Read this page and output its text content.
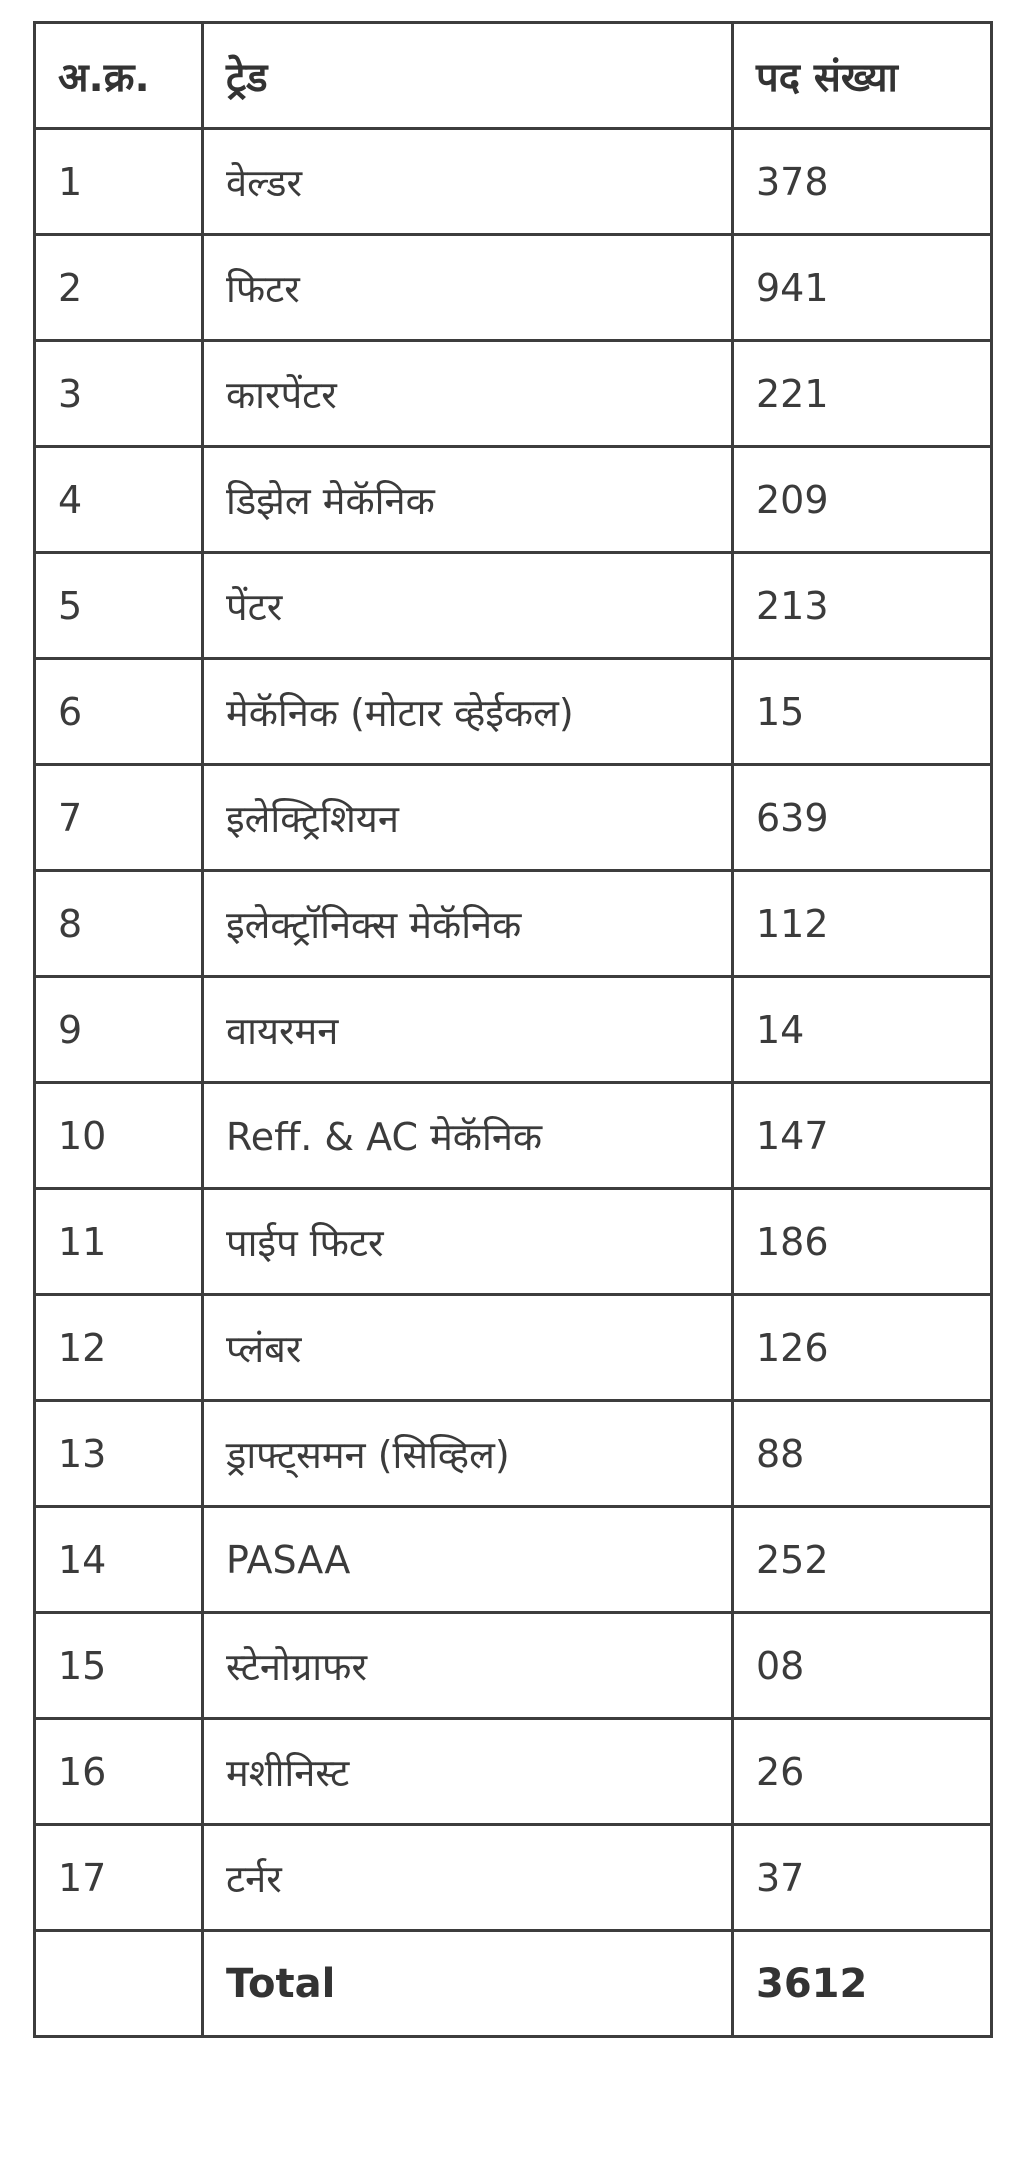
अ.क्र.	ट्रेड	पद संख्या
1	वेल्डर	378
2	फिटर	941
3	कारपेंटर	221
4	डिझेल मेकॅनिक	209
5	पेंटर	213
6	मेकॅनिक (मोटार व्हेईकल)	15
7	इलेक्ट्रिशियन	639
8	इलेक्ट्रॉनिक्स मेकॅनिक	112
9	वायरमन	14
10	Reff. & AC मेकॅनिक	147
11	पाईप फिटर	186
12	प्लंबर	126
13	ड्राफ्ट्समन (सिव्हिल)	88
14	PASAA	252
15	स्टेनोग्राफर	08
16	मशीनिस्ट	26
17	टर्नर	37
	Total	3612
